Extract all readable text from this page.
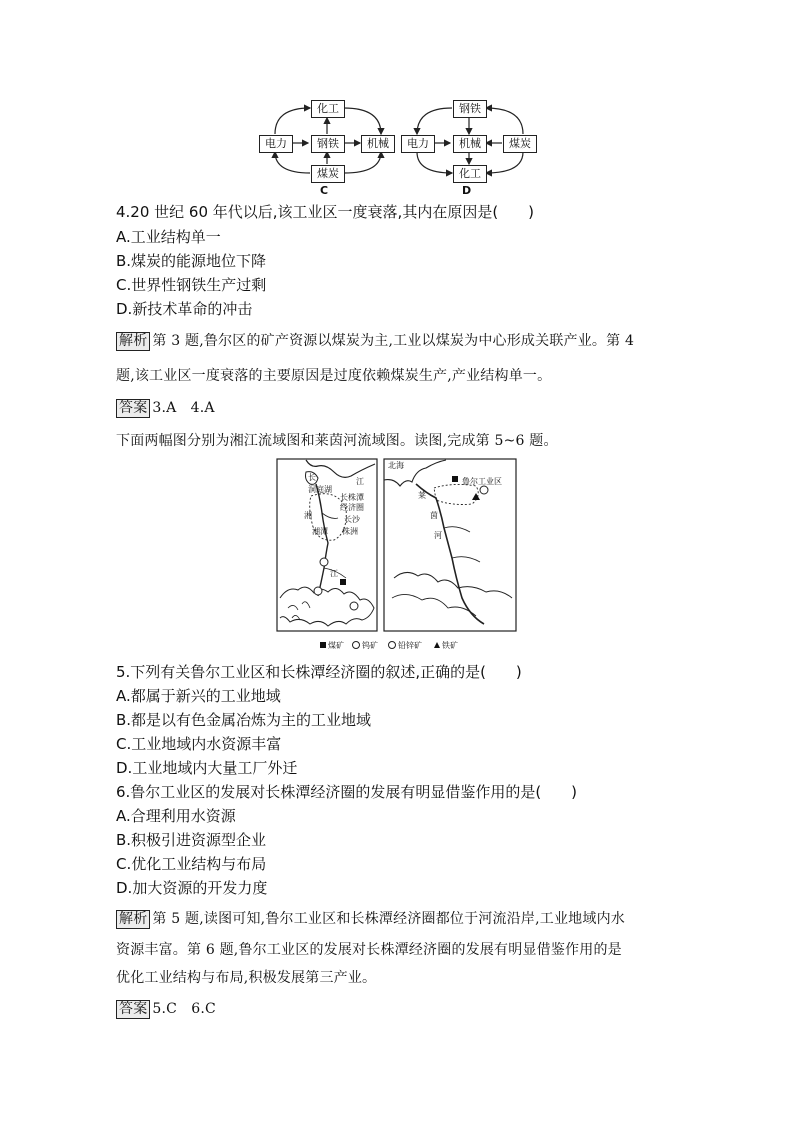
化工
电力	钢铁	机械
煤炭
C
钢铁
电力	机械	煤炭
化工
D
4.20 世纪 60 年代以后,该工业区一度衰落,其内在原因是(　　)
A.工业结构单一
B.煤炭的能源地位下降
C.世界性钢铁生产过剩
D.新技术革命的冲击
解析 第 3 题,鲁尔区的矿产资源以煤炭为主,工业以煤炭为中心形成关联产业。第 4
题,该工业区一度衰落的主要原因是过度依赖煤炭生产,产业结构单一。
答案 3.A　4.A
下面两幅图分别为湘江流域图和莱茵河流域图。读图,完成第 5~6 题。
长	江
洞庭湖
长株潭
经济圈
湘	长沙
湘潭 株洲
江
北海
鲁尔工业区
莱
茵
河
煤矿 钨矿	铅锌矿	铁矿
5.下列有关鲁尔工业区和长株潭经济圈的叙述,正确的是(　　)
A.都属于新兴的工业地域
B.都是以有色金属冶炼为主的工业地域
C.工业地域内水资源丰富
D.工业地域内大量工厂外迁
6.鲁尔工业区的发展对长株潭经济圈的发展有明显借鉴作用的是(　　)
A.合理利用水资源
B.积极引进资源型企业
C.优化工业结构与布局
D.加大资源的开发力度
解析 第 5 题,读图可知,鲁尔工业区和长株潭经济圈都位于河流沿岸,工业地域内水
资源丰富。第 6 题,鲁尔工业区的发展对长株潭经济圈的发展有明显借鉴作用的是
优化工业结构与布局,积极发展第三产业。
答案 5.C　6.C
